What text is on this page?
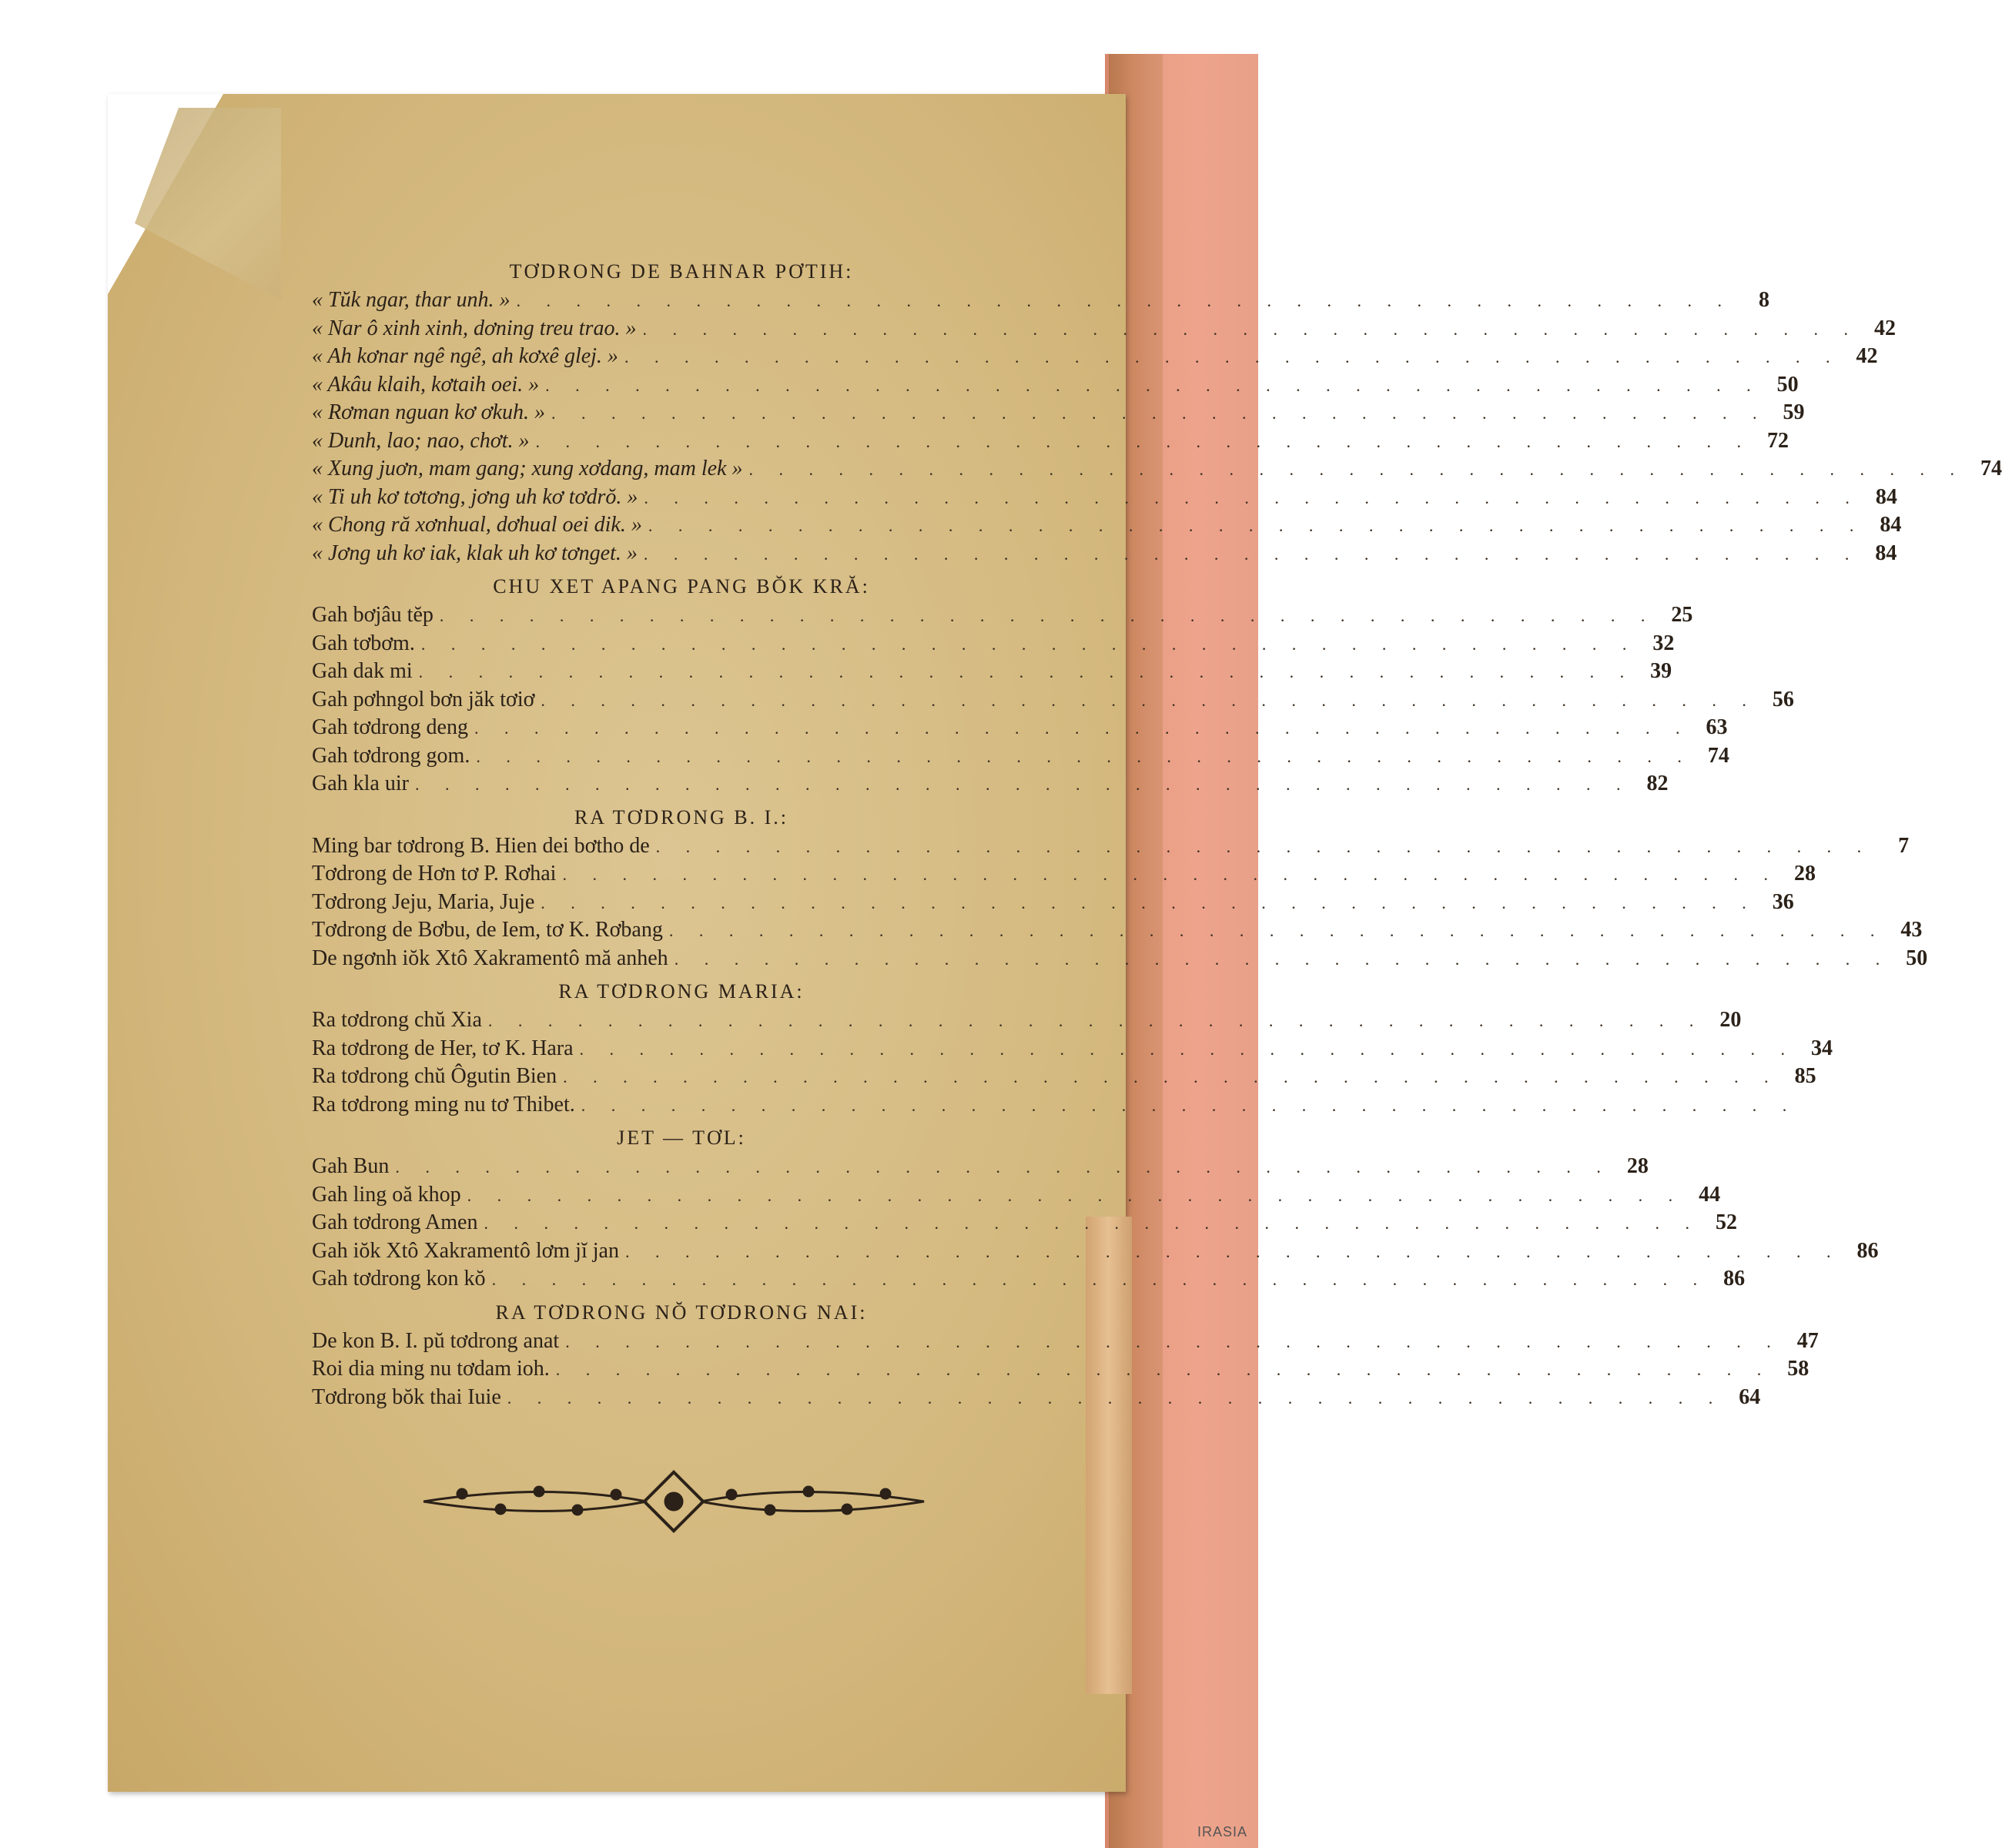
TƠDRONG DE BAHNAR PƠTIH:
« Tŭk ngar, thar unh. » . . . . . . . . . . . . . . . . . . . . . . . . . . . . . . . . . . . . . . . . .	8
« Nar ô xinh xinh, dơning treu trao. » . . . . . . . . . . . . . . . . . . . . . . . . . . . . . . . . . . . . . . . . . 42
« Ah kơnar ngê ngê, ah kơxê glej. » . . . . . . . . . . . . . . . . . . . . . . . . . . . . . . . . . . . . . . . . . 42
« Akâu klaih, kơtaih oei. » . . . . . . . . . . . . . . . . . . . . . . . . . . . . . . . . . . . . . . . . . 50
« Rơman nguan kơ ơkuh. » . . . . . . . . . . . . . . . . . . . . . . . . . . . . . . . . . . . . . . . . . 59
« Dunh, lao; nao, chơt. » . . . . . . . . . . . . . . . . . . . . . . . . . . . . . . . . . . . . . . . . . 72
« Xung juơn, mam gang; xung xơdang, mam lek » . . . . . . . . . . . . . . . . . . . . . . . . . . . . . . . . . . . . . . . . . 74
« Ti uh kơ tơtơng, jơng uh kơ tơdrŏ. » . . . . . . . . . . . . . . . . . . . . . . . . . . . . . . . . . . . . . . . . . 84
« Chong ră xơnhual, dơhual oei dik. » . . . . . . . . . . . . . . . . . . . . . . . . . . . . . . . . . . . . . . . . . 84
« Jơng uh kơ iak, klak uh kơ tơnget. » . . . . . . . . . . . . . . . . . . . . . . . . . . . . . . . . . . . . . . . . . 84
CHU XET APANG PANG BŎK KRĂ:
Gah bơjâu tĕp . . . . . . . . . . . . . . . . . . . . . . . . . . . . . . . . . . . . . . . . . 25
Gah tơbơm. . . . . . . . . . . . . . . . . . . . . . . . . . . . . . . . . . . . . . . . . . 32
Gah dak mi . . . . . . . . . . . . . . . . . . . . . . . . . . . . . . . . . . . . . . . . . 39
Gah pơhngol bơn jăk tơiơ . . . . . . . . . . . . . . . . . . . . . . . . . . . . . . . . . . . . . . . . . 56
Gah tơdrong deng . . . . . . . . . . . . . . . . . . . . . . . . . . . . . . . . . . . . . . . . . 63
Gah tơdrong gom. . . . . . . . . . . . . . . . . . . . . . . . . . . . . . . . . . . . . . . . . . 74
Gah kla uir . . . . . . . . . . . . . . . . . . . . . . . . . . . . . . . . . . . . . . . . . 82
RA TƠDRONG B. I.:
Ming bar tơdrong B. Hien dei bơtho de . . . . . . . . . . . . . . . . . . . . . . . . . . . . . . . . . . . . . . . . .	7
Tơdrong de Hơn tơ P. Rơhai . . . . . . . . . . . . . . . . . . . . . . . . . . . . . . . . . . . . . . . . . 28
Tơdrong Jeju, Maria, Juje . . . . . . . . . . . . . . . . . . . . . . . . . . . . . . . . . . . . . . . . . 36
Tơdrong de Bơbu, de Iem, tơ K. Rơbang . . . . . . . . . . . . . . . . . . . . . . . . . . . . . . . . . . . . . . . . . 43
De ngơnh iŏk Xtô Xakramentô mă anheh . . . . . . . . . . . . . . . . . . . . . . . . . . . . . . . . . . . . . . . . . 50
RA TƠDRONG MARIA:
Ra tơdrong chŭ Xia . . . . . . . . . . . . . . . . . . . . . . . . . . . . . . . . . . . . . . . . . 20
Ra tơdrong de Her, tơ K. Hara . . . . . . . . . . . . . . . . . . . . . . . . . . . . . . . . . . . . . . . . . 34
Ra tơdrong chŭ Ôgutin Bien . . . . . . . . . . . . . . . . . . . . . . . . . . . . . . . . . . . . . . . . . 85
Ra tơdrong ming nu tơ Thibet. . . . . . . . . . . . . . . . . . . . . . . . . . . . . . . . . . . . . . . . . .
JET — TƠL:
Gah Bun . . . . . . . . . . . . . . . . . . . . . . . . . . . . . . . . . . . . . . . . . 28
Gah ling oă khop . . . . . . . . . . . . . . . . . . . . . . . . . . . . . . . . . . . . . . . . . 44
Gah tơdrong Amen . . . . . . . . . . . . . . . . . . . . . . . . . . . . . . . . . . . . . . . . . 52
Gah iŏk Xtô Xakramentô lơm jĭ jan . . . . . . . . . . . . . . . . . . . . . . . . . . . . . . . . . . . . . . . . . 86
Gah tơdrong kon kŏ . . . . . . . . . . . . . . . . . . . . . . . . . . . . . . . . . . . . . . . . . 86
RA TƠDRONG NŎ TƠDRONG NAI:
De kon B. I. pŭ tơdrong anat . . . . . . . . . . . . . . . . . . . . . . . . . . . . . . . . . . . . . . . . . 47
Roi dia ming nu tơdam ioh. . . . . . . . . . . . . . . . . . . . . . . . . . . . . . . . . . . . . . . . . . 58
Tơdrong bŏk thai Iuie . . . . . . . . . . . . . . . . . . . . . . . . . . . . . . . . . . . . . . . . . 64
IRASIA
